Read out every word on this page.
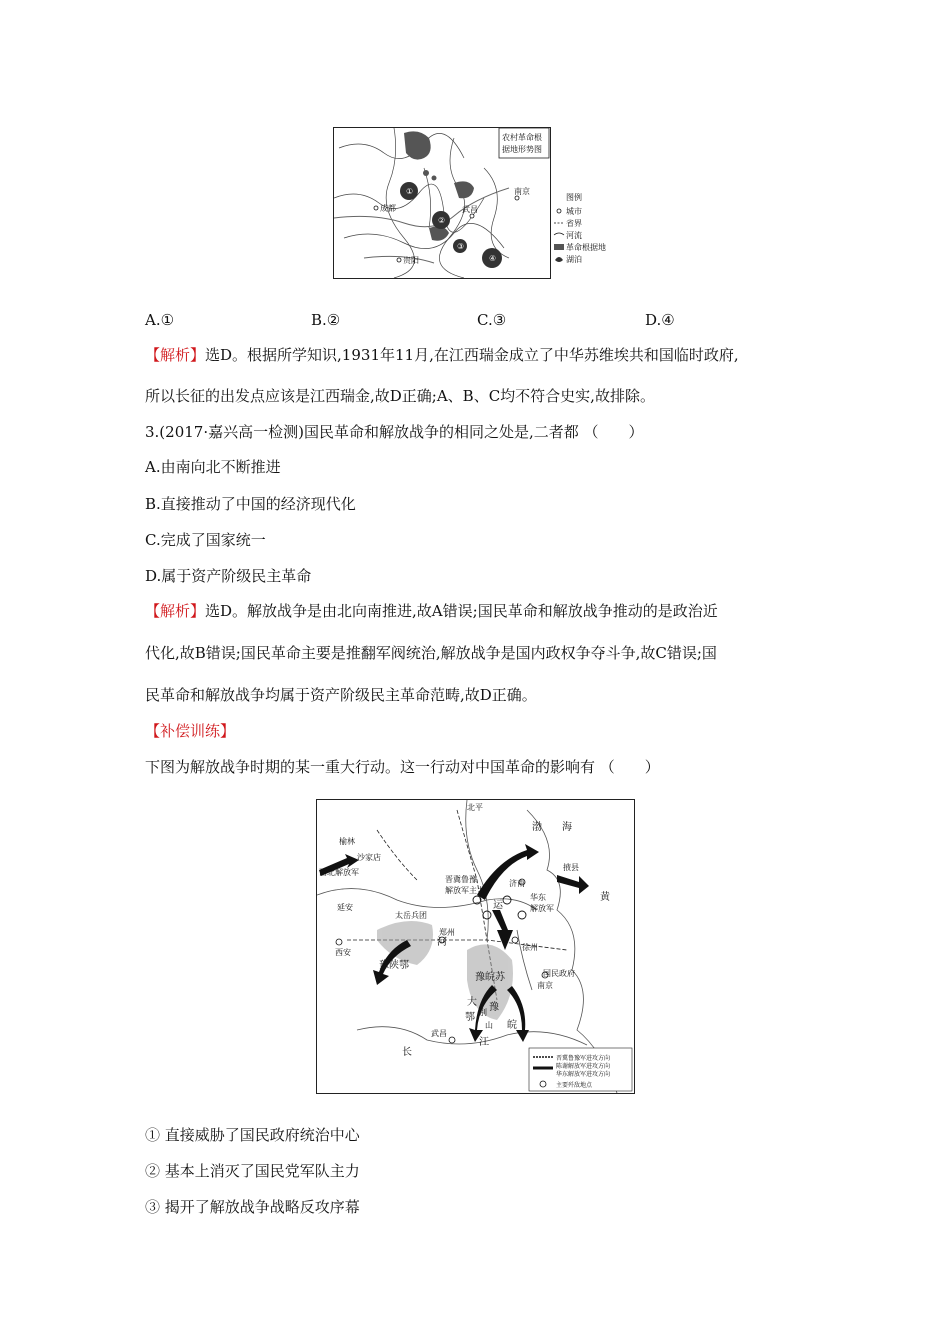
①
②
③
④
成都	武昌
南京
贵阳
农村革命根
据地形势图
图例
城市
省界
河流
革命根据地
湖泊
A.①	B.②	C.③	D.④
【解析】选D。根据所学知识,1931年11月,在江西瑞金成立了中华苏维埃共和国临时政府,
所以长征的出发点应该是江西瑞金,故D正确;A、B、C均不符合史实,故排除。
3.(2017·嘉兴高一检测)国民革命和解放战争的相同之处是,二者都 （　　）
A.由南向北不断推进
B.直接推动了中国的经济现代化
C.完成了国家统一
D.属于资产阶级民主革命
【解析】选D。解放战争是由北向南推进,故A错误;国民革命和解放战争推动的是政治近
代化,故B错误;国民革命主要是推翻军阀统治,解放战争是国内政权争夺斗争,故C错误;国
民革命和解放战争均属于资产阶级民主革命范畴,故D正确。
【补偿训练】
下图为解放战争时期的某一重大行动。这一行动对中国革命的影响有 （　　）
北平
渤 海
榆林
沙家店
西北解放军
延安
晋冀鲁豫
解放军主力
济南
掖县
华东
解放军
黄
太岳兵团
郑州
徐州
西安
豫陕鄂
豫皖苏
南京
国民政府
大
别
山
鄂
豫
皖
武昌
长
江
河
运
晋冀鲁豫军进攻方向
陈谢解放军进攻方向
华东解放军进攻方向
主要歼敌地点
① 直接威胁了国民政府统治中心
② 基本上消灭了国民党军队主力
③ 揭开了解放战争战略反攻序幕
